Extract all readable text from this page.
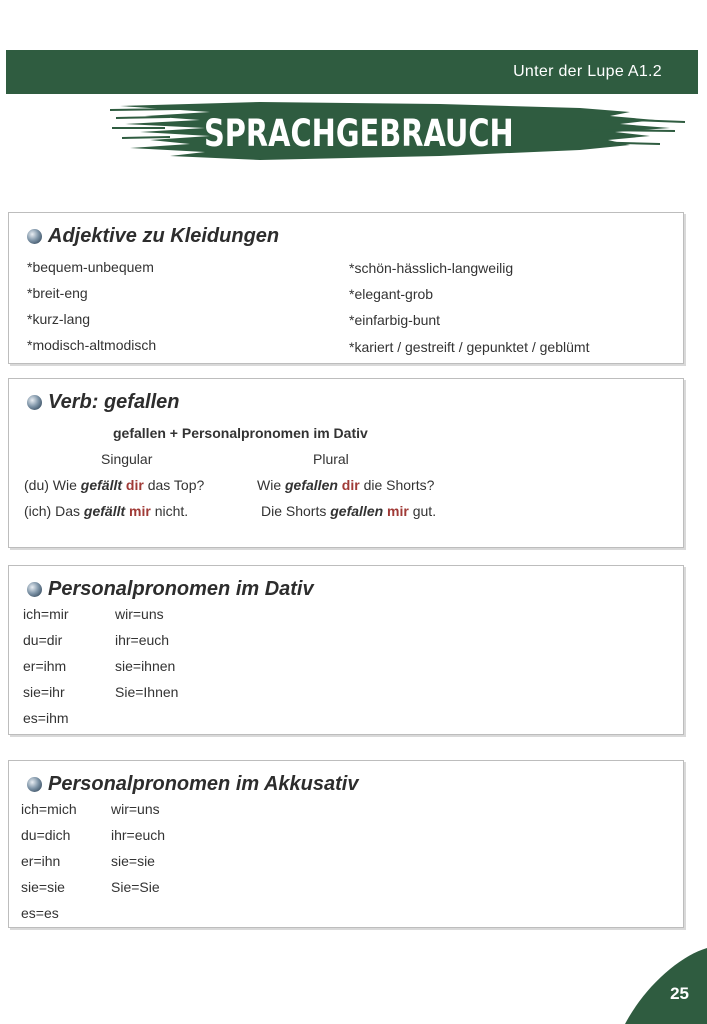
Unter der Lupe A1.2
SPRACHGEBRAUCH
Adjektive zu Kleidungen
*bequem-unbequem
*breit-eng
*kurz-lang
*modisch-altmodisch
*schön-hässlich-langweilig
*elegant-grob
*einfarbig-bunt
*kariert / gestreift / gepunktet / geblümt
Verb: gefallen
gefallen + Personalpronomen im Dativ
Singular	Plural
(du) Wie gefällt dir das Top?
(ich) Das gefällt mir nicht.
Wie gefallen dir die Shorts?
Die Shorts gefallen mir gut.
Personalpronomen im Dativ
ich=mir
du=dir
er=ihm
sie=ihr
es=ihm
wir=uns
ihr=euch
sie=ihnen
Sie=Ihnen
Personalpronomen im Akkusativ
ich=mich
du=dich
er=ihn
sie=sie
es=es
wir=uns
ihr=euch
sie=sie
Sie=Sie
25
